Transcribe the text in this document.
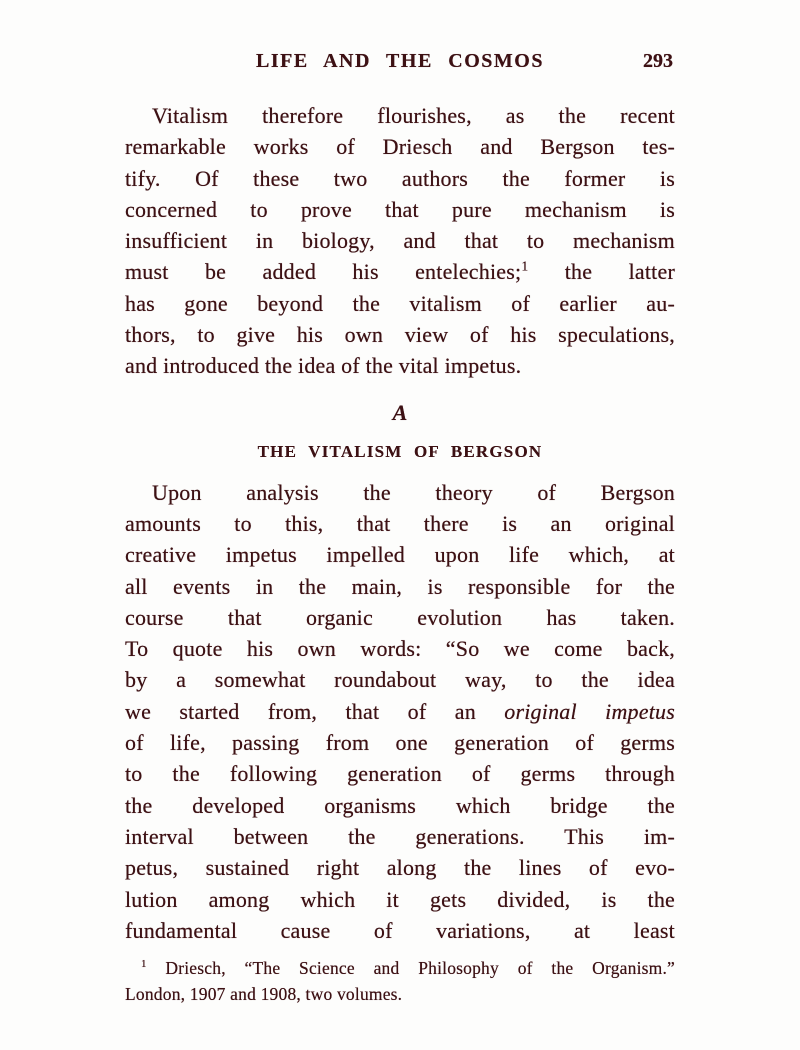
LIFE AND THE COSMOS	293
Vitalism therefore flourishes, as the recent
remarkable works of Driesch and Bergson tes-
tify. Of these two authors the former is
concerned to prove that pure mechanism is
insufficient in biology, and that to mechanism
must be added his entelechies;$^1$ the latter
has gone beyond the vitalism of earlier au-
thors, to give his own view of his speculations,
and introduced the idea of the vital impetus.
A
THE VITALISM OF BERGSON
Upon analysis the theory of Bergson
amounts to this, that there is an original
creative impetus impelled upon life which, at
all events in the main, is responsible for the
course that organic evolution has taken.
To quote his own words: “So we come back,
by a somewhat roundabout way, to the idea
we started from, that of an original impetus
of life, passing from one generation of germs
to the following generation of germs through
the developed organisms which bridge the
interval between the generations. This im-
petus, sustained right along the lines of evo-
lution among which it gets divided, is the
fundamental cause of variations, at least
$^1$ Driesch, “The Science and Philosophy of the Organism.”
London, 1907 and 1908, two volumes.
